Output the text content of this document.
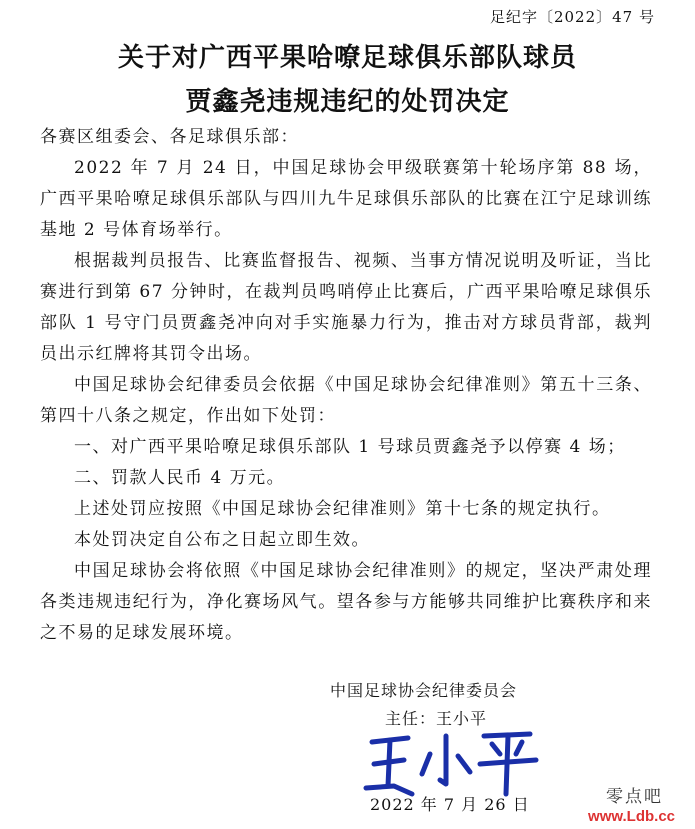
足纪字〔2022〕47 号
关于对广西平果哈嘹足球俱乐部队球员
贾鑫尧违规违纪的处罚决定

各赛区组委会、各足球俱乐部：

2022 年 7 月 24 日，中国足球协会甲级联赛第十轮场序第 88 场，广西平果哈嘹足球俱乐部队与四川九牛足球俱乐部队的比赛在江宁足球训练基地 2 号体育场举行。

根据裁判员报告、比赛监督报告、视频、当事方情况说明及听证，当比赛进行到第 67 分钟时，在裁判员鸣哨停止比赛后，广西平果哈嘹足球俱乐部队 1 号守门员贾鑫尧冲向对手实施暴力行为，推击对方球员背部，裁判员出示红牌将其罚令出场。

中国足球协会纪律委员会依据《中国足球协会纪律准则》第五十三条、第四十八条之规定，作出如下处罚：

一、对广西平果哈嘹足球俱乐部队 1 号球员贾鑫尧予以停赛 4 场；

二、罚款人民币 4 万元。

上述处罚应按照《中国足球协会纪律准则》第十七条的规定执行。

本处罚决定自公布之日起立即生效。

中国足球协会将依照《中国足球协会纪律准则》的规定，坚决严肃处理各类违规违纪行为，净化赛场风气。望各参与方能够共同维护比赛秩序和来之不易的足球发展环境。

中国足球协会纪律委员会
主任：王小平
2022 年 7 月 26 日	零点吧
www.Ldb.cc
